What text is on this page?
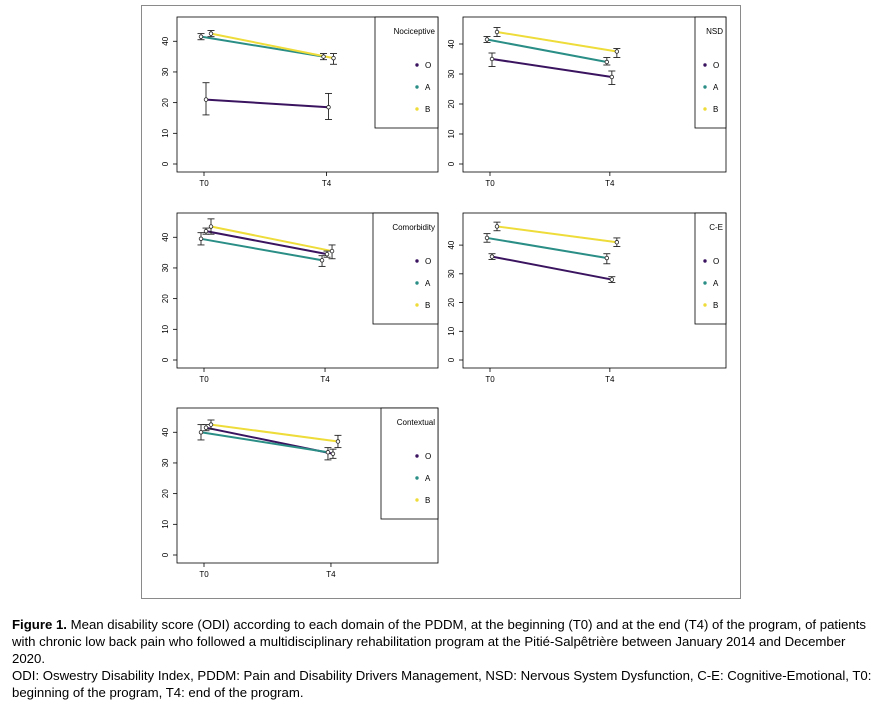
0
10
20
30
40
T0	T4
Nociceptive
O
A
B
0
10
20
30
40
T0	T4
NSD
O
A
B
0
10
20
30
40
T0	T4
Comorbidity
O
A
B
0
10
20
30
40
T0	T4
C-E
O
A
B
0
10
20
30
40
T0	T4
Contextual
O
A
B

Figure 1. Mean disability score (ODI) according to each domain of the PDDM, at the beginning (T0) and at the end (T4) of the program, of patients with chronic low back pain who followed a multidisciplinary rehabilitation program at the Pitié-Salpêtrière between January 2014 and December 2020.

ODI: Oswestry Disability Index, PDDM: Pain and Disability Drivers Management, NSD: Nervous System Dysfunction, C-E: Cognitive-Emotional, T0: beginning of the program, T4: end of the program.
